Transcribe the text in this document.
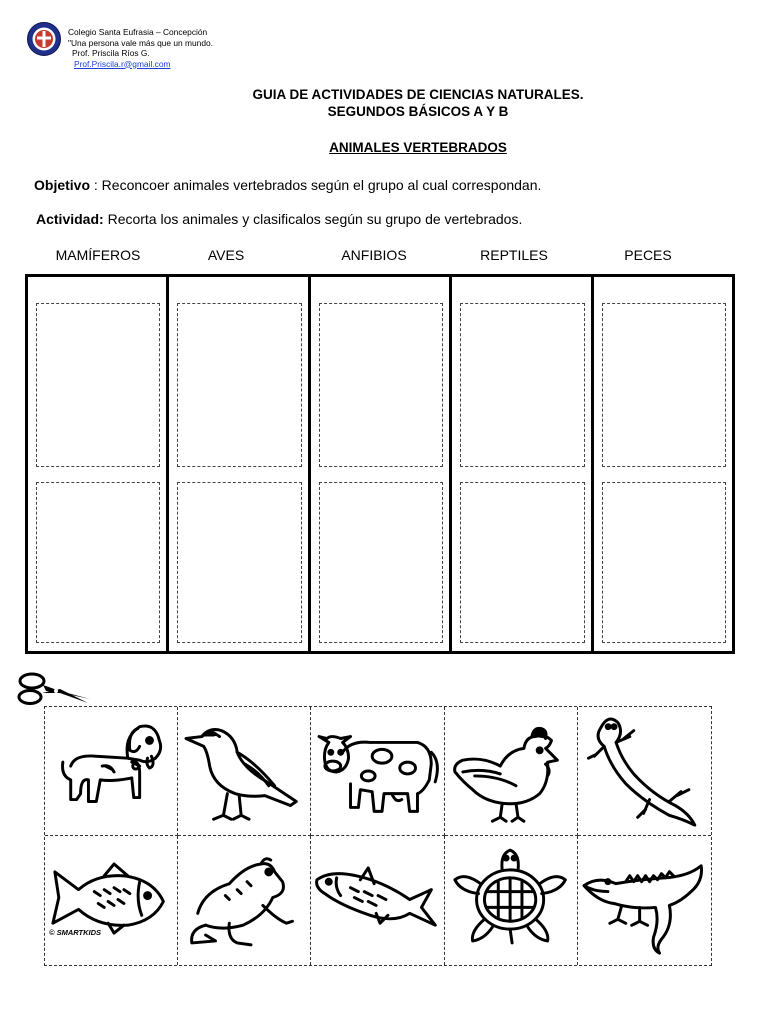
Colegio Santa Eufrasia – Concepción
"Una persona vale más que un mundo.
Prof. Priscila Ríos G.
Prof.Priscila.r@gmail.com
GUIA DE ACTIVIDADES DE CIENCIAS NATURALES.
SEGUNDOS BÁSICOS A Y B
ANIMALES VERTEBRADOS
Objetivo : Reconcoer animales vertebrados según el grupo al cual correspondan.
Actividad: Recorta los animales y clasificalos según su grupo de vertebrados.
MAMÍFEROS	AVES	ANFIBIOS	REPTILES	PECES
© SMARTKIDS
